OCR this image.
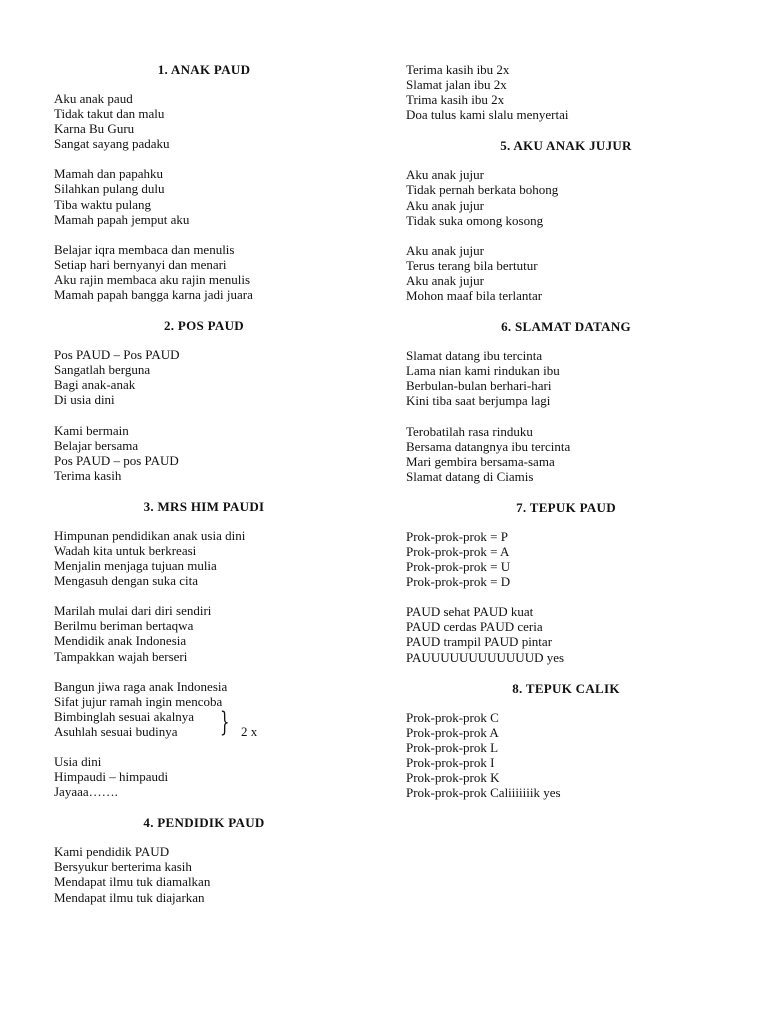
1. ANAK PAUD
Aku anak paud
Tidak takut dan malu
Karna Bu Guru
Sangat sayang padaku
Mamah dan papahku
Silahkan pulang dulu
Tiba waktu pulang
Mamah papah jemput aku
Belajar iqra membaca dan menulis
Setiap hari bernyanyi dan menari
Aku rajin membaca aku rajin menulis
Mamah papah bangga karna jadi juara
2. POS PAUD
Pos PAUD – Pos PAUD
Sangatlah berguna
Bagi anak-anak
Di usia dini
Kami bermain
Belajar bersama
Pos PAUD – pos PAUD
Terima kasih
3. MRS HIM PAUDI
Himpunan pendidikan anak usia dini
Wadah kita untuk berkreasi
Menjalin menjaga tujuan mulia
Mengasuh dengan suka cita
Marilah mulai dari diri sendiri
Berilmu beriman bertaqwa
Mendidik anak Indonesia
Tampakkan wajah berseri
Bangun jiwa raga anak Indonesia
Sifat jujur ramah ingin mencoba
Bimbinglah sesuai akalnya } 2 x
Asuhlah sesuai budinya
Usia dini
Himpaudi – himpaudi
Jayaaa…….
4. PENDIDIK PAUD
Kami pendidik PAUD
Bersyukur berterima kasih
Mendapat ilmu tuk diamalkan
Mendapat ilmu tuk diajarkan
Terima kasih ibu 2x
Slamat jalan ibu 2x
Trima kasih ibu 2x
Doa tulus kami slalu menyertai
5. AKU ANAK JUJUR
Aku anak jujur
Tidak pernah berkata bohong
Aku anak jujur
Tidak suka omong kosong
Aku anak jujur
Terus terang bila bertutur
Aku anak jujur
Mohon maaf bila terlantar
6. SLAMAT DATANG
Slamat datang ibu tercinta
Lama nian kami rindukan ibu
Berbulan-bulan berhari-hari
Kini tiba saat berjumpa lagi
Terobatilah rasa rinduku
Bersama datangnya ibu tercinta
Mari gembira bersama-sama
Slamat datang di Ciamis
7. TEPUK PAUD
Prok-prok-prok = P
Prok-prok-prok = A
Prok-prok-prok = U
Prok-prok-prok = D
PAUD sehat PAUD kuat
PAUD cerdas PAUD ceria
PAUD trampil PAUD pintar
PAUUUUUUUUUUUUD yes
8. TEPUK CALIK
Prok-prok-prok C
Prok-prok-prok A
Prok-prok-prok L
Prok-prok-prok I
Prok-prok-prok K
Prok-prok-prok Caliiiiiiik yes
